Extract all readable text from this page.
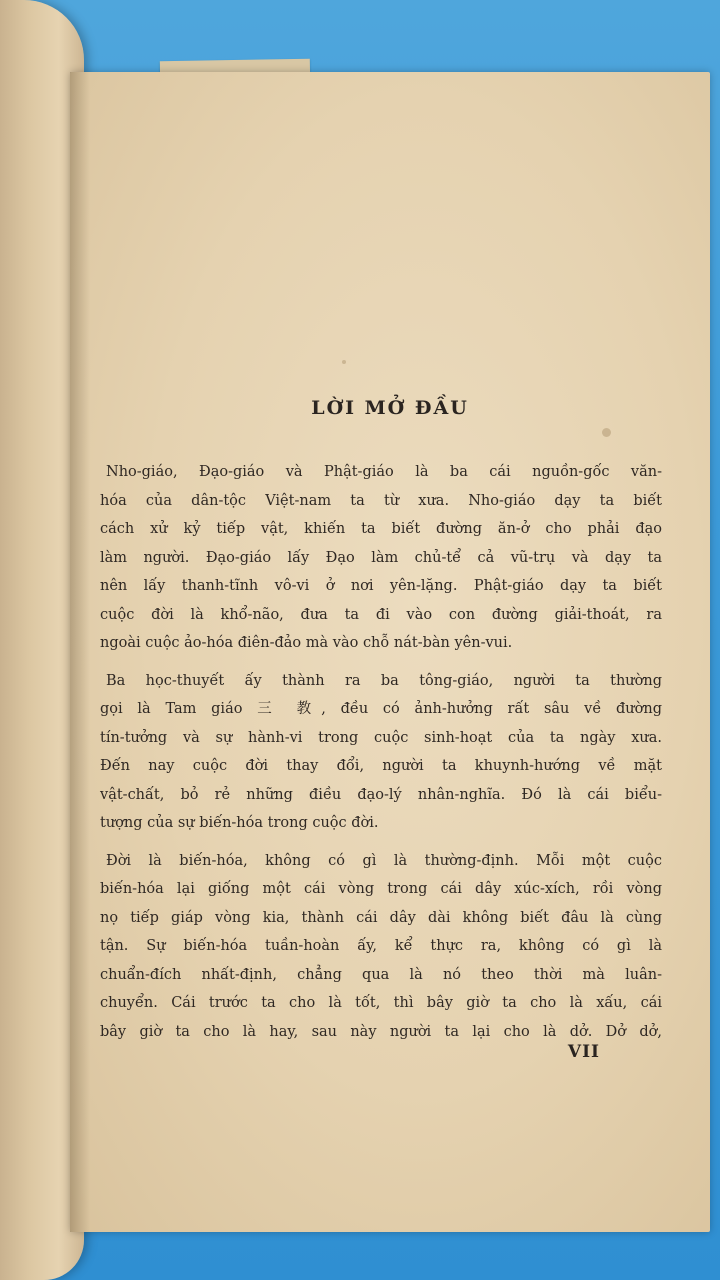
LỜI MỞ ĐẦU

Nho-giáo, Đạo-giáo và Phật-giáo là ba cái nguồn-gốc văn-
hóa của dân-tộc Việt-nam ta từ xưa. Nho-giáo dạy ta biết
cách xử kỷ tiếp vật, khiến ta biết đường ăn-ở cho phải đạo
làm người. Đạo-giáo lấy Đạo làm chủ-tể cả vũ-trụ và dạy ta
nên lấy thanh-tĩnh vô-vi ở nơi yên-lặng. Phật-giáo dạy ta biết
cuộc đời là khổ-não, đưa ta đi vào con đường giải-thoát, ra
ngoài cuộc ảo-hóa điên-đảo mà vào chỗ nát-bàn yên-vui.

Ba học-thuyết ấy thành ra ba tông-giáo, người ta thường
gọi là Tam giáo 三 教, đều có ảnh-hưởng rất sâu về đường
tín-tưởng và sự hành-vi trong cuộc sinh-hoạt của ta ngày xưa.
Đến nay cuộc đời thay đổi, người ta khuynh-hướng về mặt
vật-chất, bỏ rẻ những điều đạo-lý nhân-nghĩa. Đó là cái biểu-
tượng của sự biến-hóa trong cuộc đời.

Đời là biến-hóa, không có gì là thường-định. Mỗi một cuộc
biến-hóa lại giống một cái vòng trong cái dây xúc-xích, rồi vòng
nọ tiếp giáp vòng kia, thành cái dây dài không biết đâu là cùng
tận. Sự biến-hóa tuần-hoàn ấy, kể thực ra, không có gì là
chuẩn-đích nhất-định, chẳng qua là nó theo thời mà luân-
chuyển. Cái trước ta cho là tốt, thì bây giờ ta cho là xấu, cái
bây giờ ta cho là hay, sau này người ta lại cho là dở. Dở dở,

VII
